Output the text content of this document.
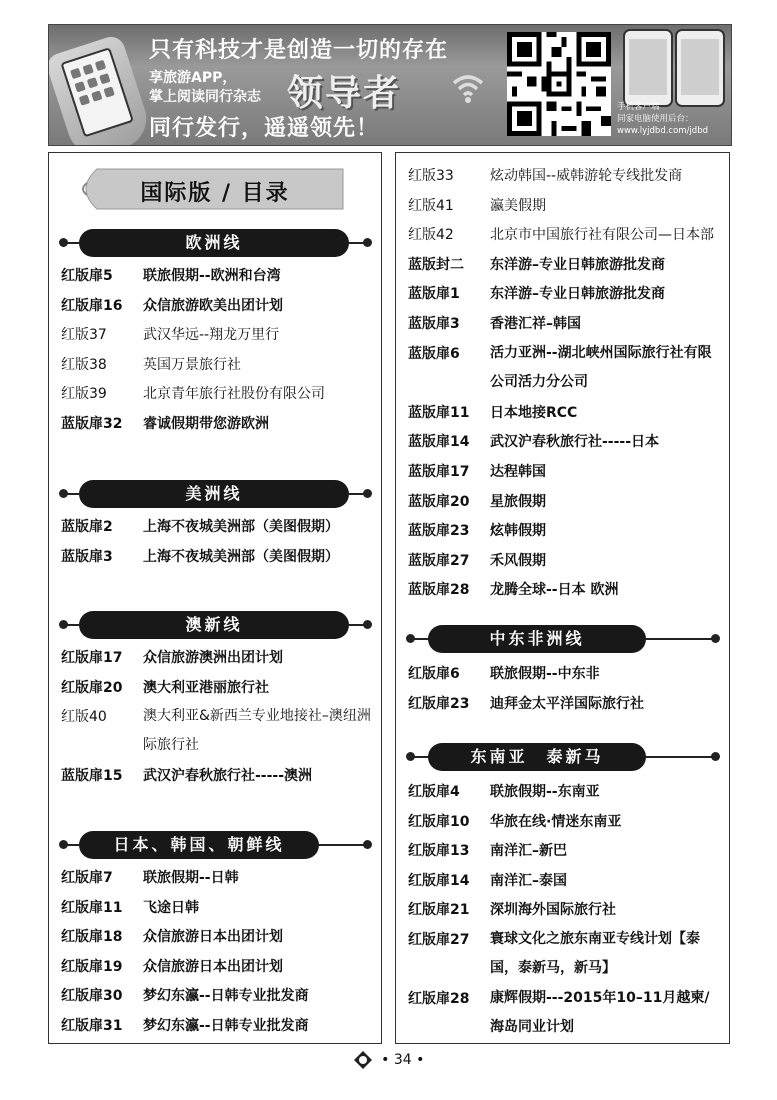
只有科技才是创造一切的存在
享旅游APP，
掌上阅读同行杂志 领导者
同行发行，遥遥领先！
手机客户端
同家电脑使用后台：
www.lyjdbd.com/jdbd
国际版 / 目录
欧洲线
红版扉5 联旅假期--欧洲和台湾
红版扉16 众信旅游欧美出团计划
红版37	武汉华远--翔龙万里行
红版38	英国万景旅行社
红版39	北京青年旅行社股份有限公司
蓝版扉32 睿诚假期带您游欧洲
美洲线
蓝版扉2 上海不夜城美洲部（美图假期）
蓝版扉3 上海不夜城美洲部（美图假期）
澳新线
红版扉17 众信旅游澳洲出团计划
红版扉20 澳大利亚港丽旅行社
红版40	澳大利亚&新西兰专业地接社–澳纽洲际旅行社
蓝版扉15 武汉沪春秋旅行社-----澳洲
日本、韩国、朝鲜线
红版扉7 联旅假期--日韩
红版扉11 飞途日韩
红版扉18 众信旅游日本出团计划
红版扉19 众信旅游日本出团计划
红版扉30 梦幻东瀛--日韩专业批发商
红版扉31 梦幻东瀛--日韩专业批发商
红版33	炫动韩国--威韩游轮专线批发商
红版41	瀛美假期
红版42	北京市中国旅行社有限公司—日本部
蓝版封二 东洋游–专业日韩旅游批发商
蓝版扉1 东洋游–专业日韩旅游批发商
蓝版扉3 香港汇祥–韩国
蓝版扉6 活力亚洲--湖北峡州国际旅行社有限公司活力分公司
蓝版扉11 日本地接RCC
蓝版扉14 武汉沪春秋旅行社-----日本
蓝版扉17 达程韩国
蓝版扉20 星旅假期
蓝版扉23 炫韩假期
蓝版扉27 禾风假期
蓝版扉28 龙腾全球--日本 欧洲
中东非洲线
红版扉6 联旅假期--中东非
红版扉23 迪拜金太平洋国际旅行社
东南亚　泰新马
红版扉4 联旅假期--东南亚
红版扉10 华旅在线·情迷东南亚
红版扉13 南洋汇–新巴
红版扉14 南洋汇–泰国
红版扉21 深圳海外国际旅行社
红版扉27 寰球文化之旅东南亚专线计划【泰国，泰新马，新马】
红版扉28 康辉假期---2015年10–11月越柬/海岛同业计划
• 34 •
